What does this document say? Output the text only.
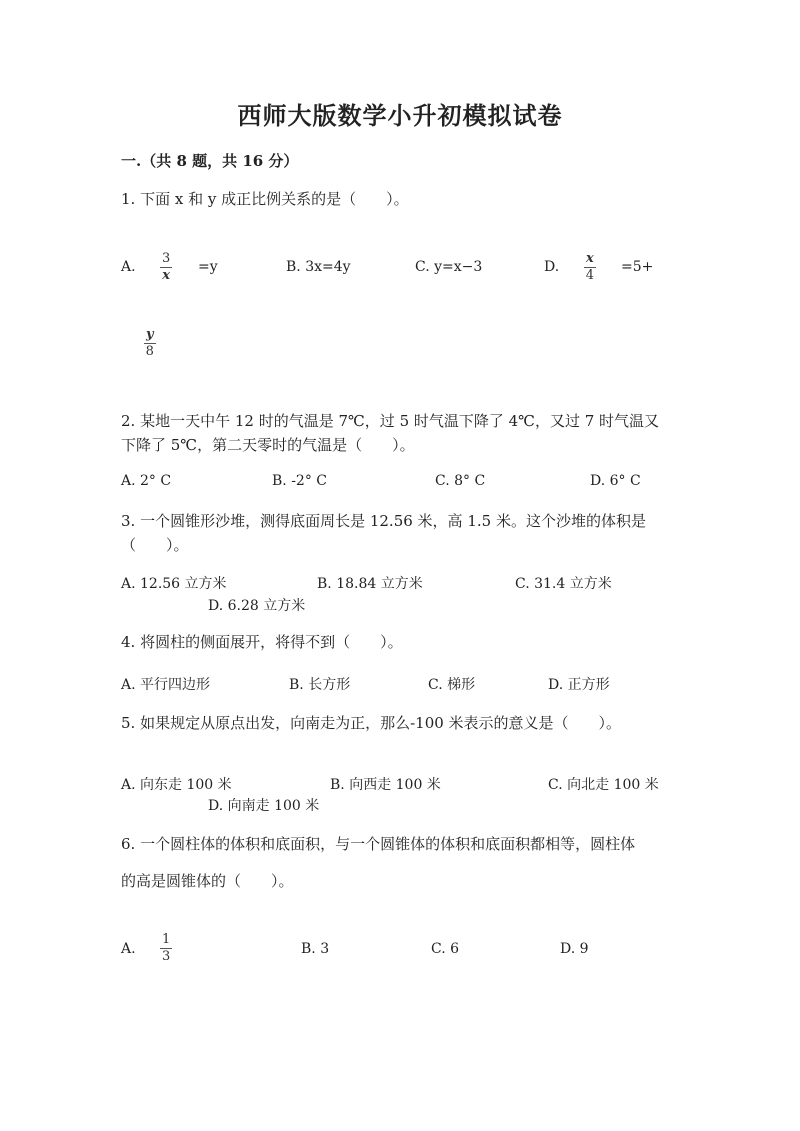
西师大版数学小升初模拟试卷
一.（共 8 题，共 16 分）
1. 下面 x 和 y 成正比例关系的是（　　）。
A. $\frac{3}{x} =y$	B. 3x=4y	C. y=x−3	D. $\frac{x}{4} =5+$
$\frac{y}{8}$
2. 某地一天中午 12 时的气温是 7℃，过 5 时气温下降了 4℃，又过 7 时气温又
下降了 5℃，第二天零时的气温是（　　）。
A. 2° C	B. -2° C	C. 8° C	D. 6° C
3. 一个圆锥形沙堆，测得底面周长是 12.56 米，高 1.5 米。这个沙堆的体积是
（　　）。
A. 12.56 立方米	B. 18.84 立方米	C. 31.4 立方米
D. 6.28 立方米
4. 将圆柱的侧面展开，将得不到（　　）。
A. 平行四边形	B. 长方形	C. 梯形	D. 正方形
5. 如果规定从原点出发，向南走为正，那么-100 米表示的意义是（　　）。
A. 向东走 100 米	B. 向西走 100 米	C. 向北走 100 米
D. 向南走 100 米
6. 一个圆柱体的体积和底面积，与一个圆锥体的体积和底面积都相等，圆柱体
的高是圆锥体的（　　）。
A. $\frac{1}{3}$	B. 3	C. 6	D. 9
